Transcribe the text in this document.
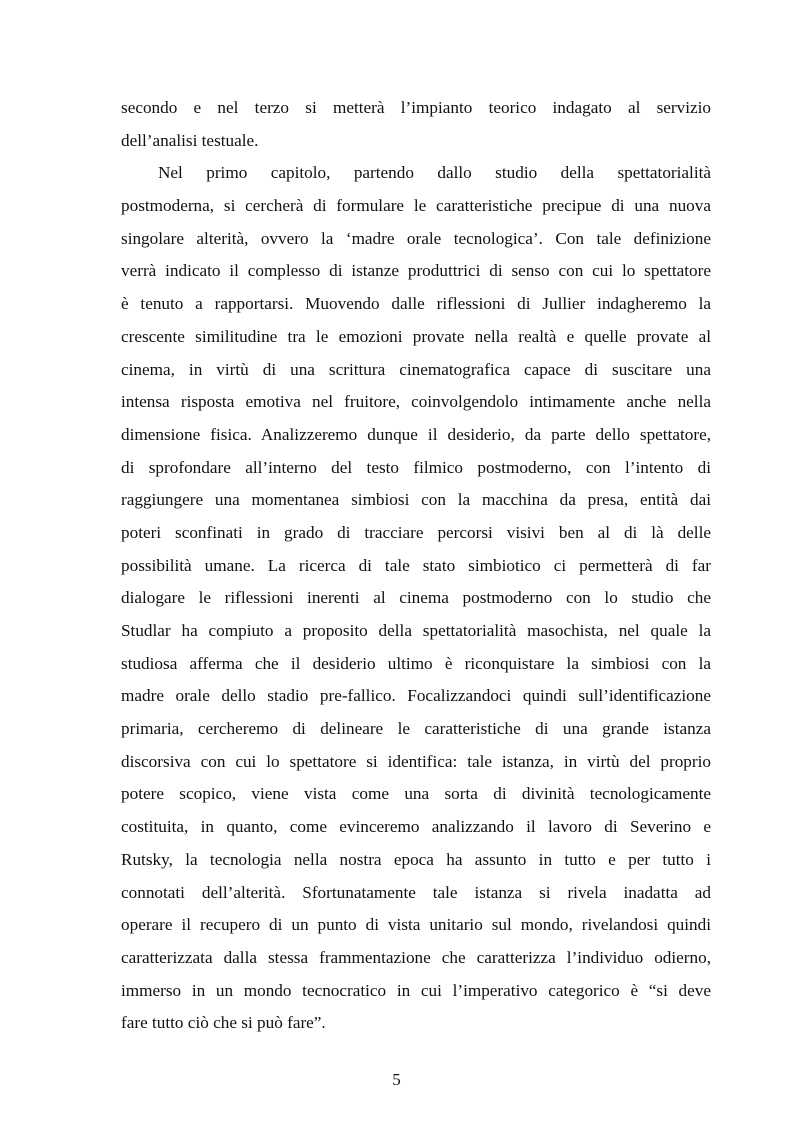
secondo e nel terzo si metterà l’impianto teorico indagato al servizio
dell’analisi testuale.
Nel primo capitolo, partendo dallo studio della spettatorialità
postmoderna, si cercherà di formulare le caratteristiche precipue di una nuova
singolare alterità, ovvero la ‘madre orale tecnologica’. Con tale definizione
verrà indicato il complesso di istanze produttrici di senso con cui lo spettatore
è tenuto a rapportarsi. Muovendo dalle riflessioni di Jullier indagheremo la
crescente similitudine tra le emozioni provate nella realtà e quelle provate al
cinema, in virtù di una scrittura cinematografica capace di suscitare una
intensa risposta emotiva nel fruitore, coinvolgendolo intimamente anche nella
dimensione fisica. Analizzeremo dunque il desiderio, da parte dello spettatore,
di sprofondare all’interno del testo filmico postmoderno, con l’intento di
raggiungere una momentanea simbiosi con la macchina da presa, entità dai
poteri sconfinati in grado di tracciare percorsi visivi ben al di là delle
possibilità umane. La ricerca di tale stato simbiotico ci permetterà di far
dialogare le riflessioni inerenti al cinema postmoderno con lo studio che
Studlar ha compiuto a proposito della spettatorialità masochista, nel quale la
studiosa afferma che il desiderio ultimo è riconquistare la simbiosi con la
madre orale dello stadio pre-fallico. Focalizzandoci quindi sull’identificazione
primaria, cercheremo di delineare le caratteristiche di una grande istanza
discorsiva con cui lo spettatore si identifica: tale istanza, in virtù del proprio
potere scopico, viene vista come una sorta di divinità tecnologicamente
costituita, in quanto, come evinceremo analizzando il lavoro di Severino e
Rutsky, la tecnologia nella nostra epoca ha assunto in tutto e per tutto i
connotati dell’alterità. Sfortunatamente tale istanza si rivela inadatta ad
operare il recupero di un punto di vista unitario sul mondo, rivelandosi quindi
caratterizzata dalla stessa frammentazione che caratterizza l’individuo odierno,
immerso in un mondo tecnocratico in cui l’imperativo categorico è “si deve
fare tutto ciò che si può fare”.
5
